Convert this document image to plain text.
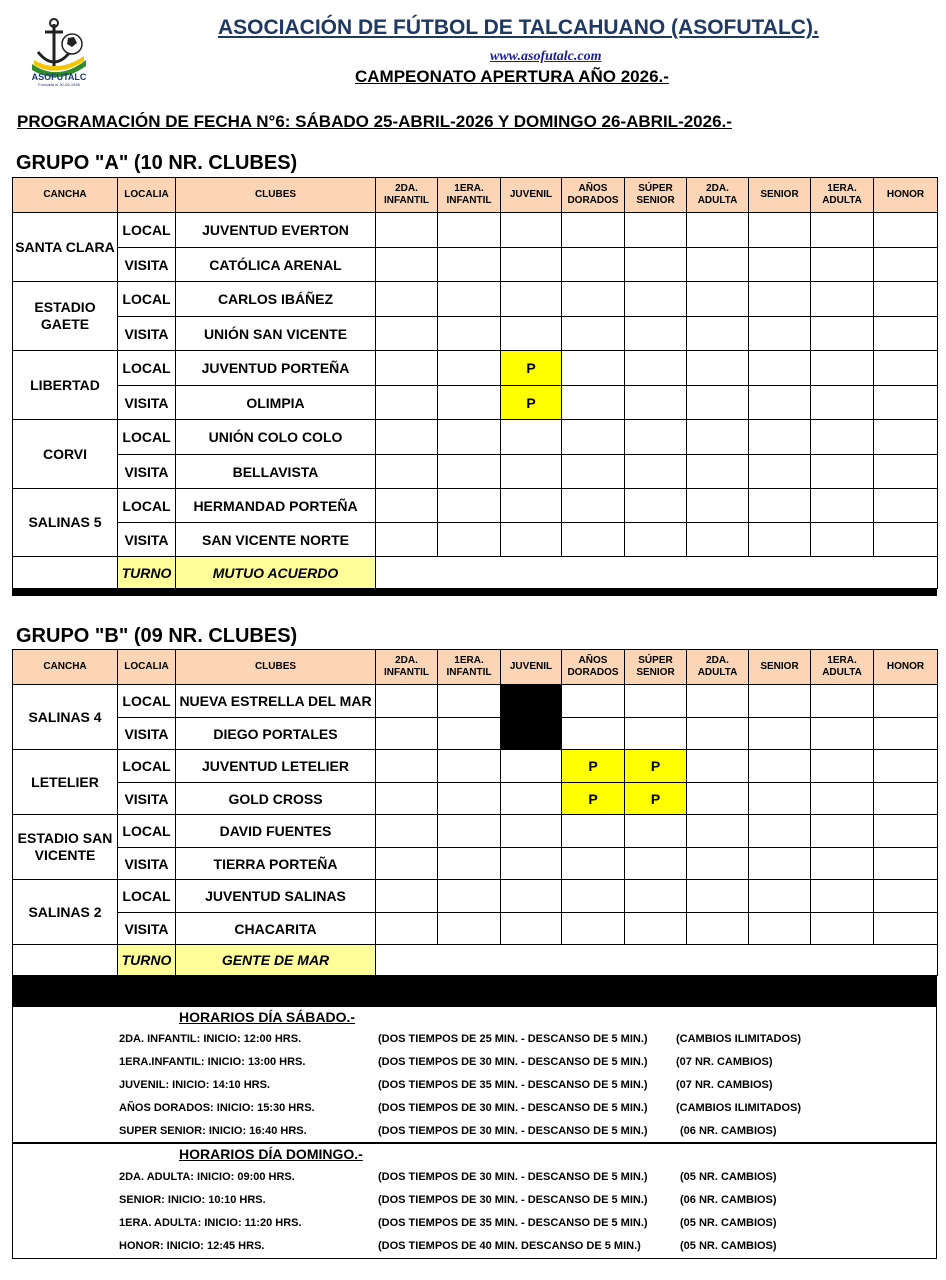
ASOFUTALC
Fundada el 30-06-1936
ASOCIACIÓN DE FÚTBOL DE TALCAHUANO (ASOFUTALC).
www.asofutalc.com
CAMPEONATO APERTURA AÑO 2026.-
PROGRAMACIÓN DE FECHA N°6: SÁBADO 25-ABRIL-2026 Y DOMINGO 26-ABRIL-2026.-
GRUPO "A" (10 NR. CLUBES)
CANCHA	LOCALIA	CLUBES	2DA. INFANTIL	1ERA. INFANTIL	JUVENIL	AÑOS DORADOS	SÚPER SENIOR	2DA. ADULTA	SENIOR	1ERA. ADULTA	HONOR
SANTA CLARA	LOCAL	JUVENTUD EVERTON									
	VISITA	CATÓLICA ARENAL									
ESTADIO GAETE	LOCAL	CARLOS IBÁÑEZ									
	VISITA	UNIÓN SAN VICENTE									
LIBERTAD	LOCAL	JUVENTUD PORTEÑA			P						
	VISITA	OLIMPIA			P						
CORVI	LOCAL	UNIÓN COLO COLO									
	VISITA	BELLAVISTA									
SALINAS 5	LOCAL	HERMANDAD PORTEÑA									
	VISITA	SAN VICENTE NORTE									
	TURNO	MUTUO ACUERDO									
GRUPO "B" (09 NR. CLUBES)
CANCHA	LOCALIA	CLUBES	2DA. INFANTIL	1ERA. INFANTIL	JUVENIL	AÑOS DORADOS	SÚPER SENIOR	2DA. ADULTA	SENIOR	1ERA. ADULTA	HONOR
SALINAS 4	LOCAL	NUEVA ESTRELLA DEL MAR									
	VISITA	DIEGO PORTALES									
LETELIER	LOCAL	JUVENTUD LETELIER				P	P				
	VISITA	GOLD CROSS				P	P				
ESTADIO SAN VICENTE	LOCAL	DAVID FUENTES									
	VISITA	TIERRA PORTEÑA									
SALINAS 2	LOCAL	JUVENTUD SALINAS									
	VISITA	CHACARITA									
	TURNO	GENTE DE MAR									
HORARIOS DÍA SÁBADO.-
2DA. INFANTIL: INICIO: 12:00 HRS.	(DOS TIEMPOS DE 25 MIN. - DESCANSO DE 5 MIN.)	(CAMBIOS ILIMITADOS)
1ERA.INFANTIL: INICIO: 13:00 HRS.	(DOS TIEMPOS DE 30 MIN. - DESCANSO DE 5 MIN.)	(07 NR. CAMBIOS)
JUVENIL: INICIO: 14:10 HRS.	(DOS TIEMPOS DE 35 MIN. - DESCANSO DE 5 MIN.)	(07 NR. CAMBIOS)
AÑOS DORADOS: INICIO: 15:30 HRS.	(DOS TIEMPOS DE 30 MIN. - DESCANSO DE 5 MIN.)	(CAMBIOS ILIMITADOS)
SUPER SENIOR: INICIO: 16:40 HRS.	(DOS TIEMPOS DE 30 MIN. - DESCANSO DE 5 MIN.)	(06 NR. CAMBIOS)
HORARIOS DÍA DOMINGO.-
2DA. ADULTA: INICIO: 09:00 HRS.	(DOS TIEMPOS DE 30 MIN. - DESCANSO DE 5 MIN.)	(05 NR. CAMBIOS)
SENIOR: INICIO: 10:10 HRS.	(DOS TIEMPOS DE 30 MIN. - DESCANSO DE 5 MIN.)	(06 NR. CAMBIOS)
1ERA. ADULTA: INICIO: 11:20 HRS.	(DOS TIEMPOS DE 35 MIN. - DESCANSO DE 5 MIN.)	(05 NR. CAMBIOS)
HONOR: INICIO: 12:45 HRS.	(DOS TIEMPOS DE 40 MIN. DESCANSO DE 5 MIN.)	(05 NR. CAMBIOS)
